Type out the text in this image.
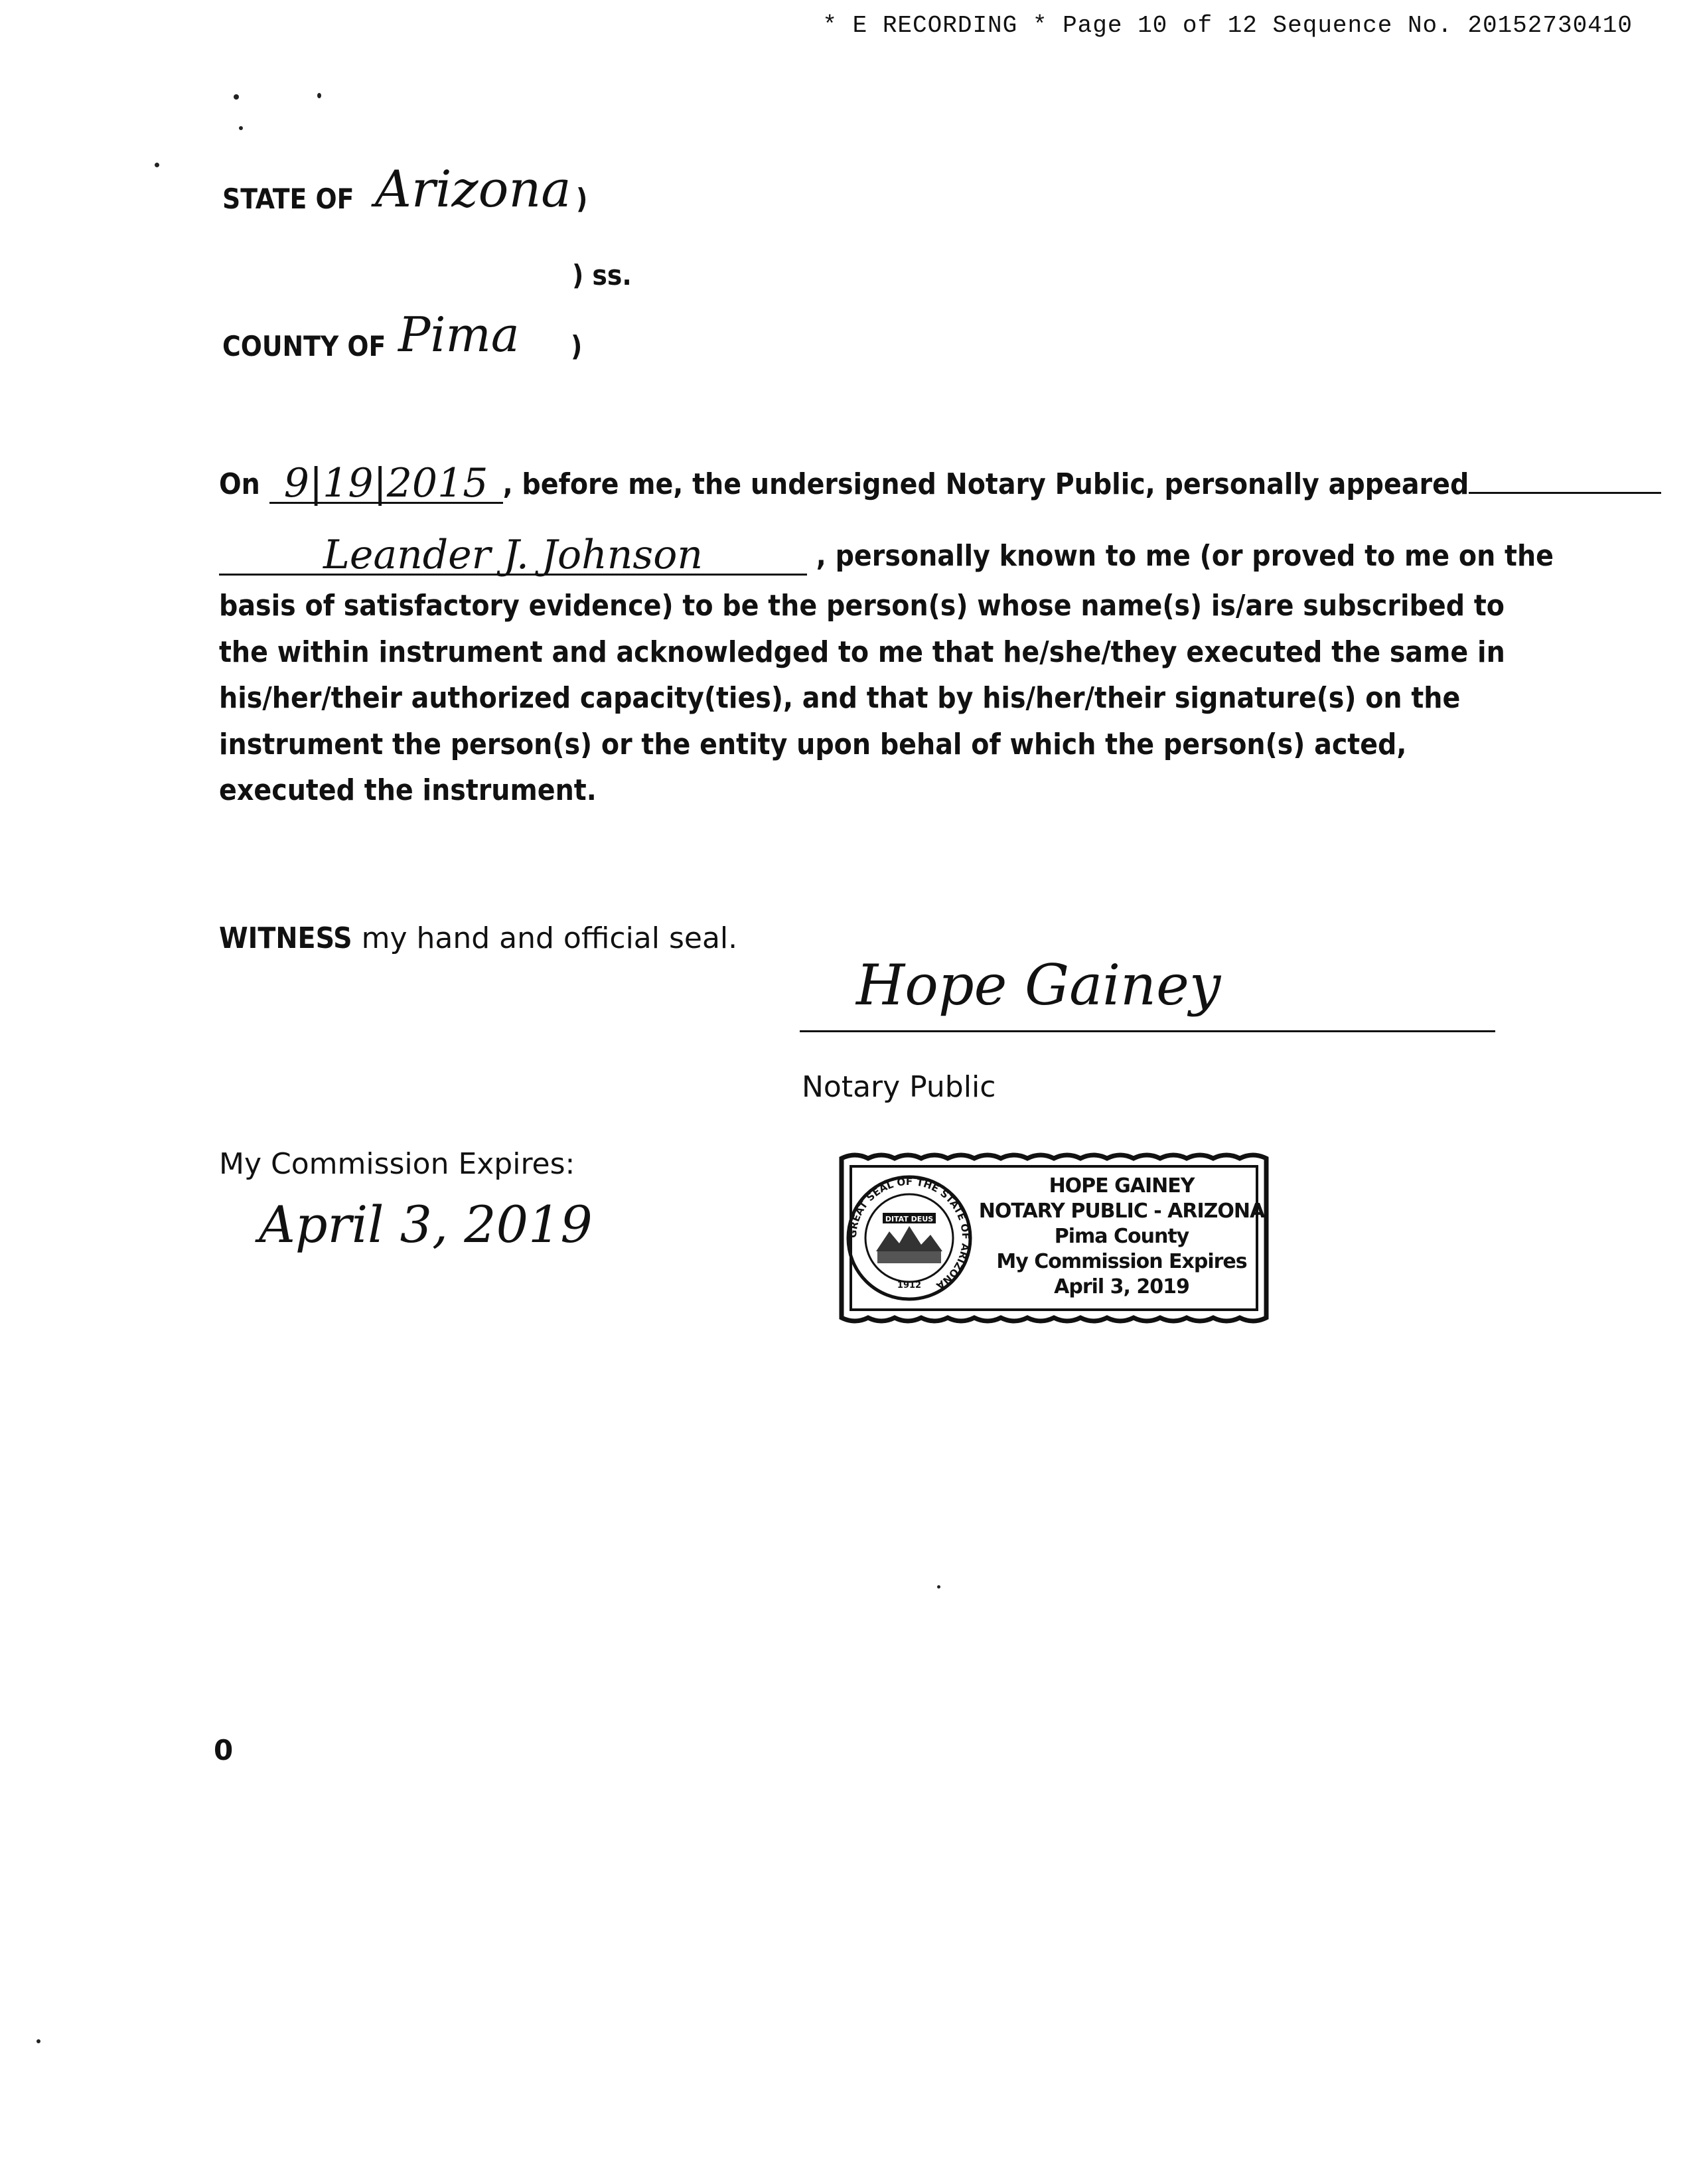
* E RECORDING * Page 10 of 12 Sequence No. 20152730410
STATE OF Arizona )
) ss.
COUNTY OF Pima )
On 9|19|2015 , before me, the undersigned Notary Public, personally appeared
Leander J. Johnson	, personally known to me (or proved to me on the
basis of satisfactory evidence) to be the person(s) whose name(s) is/are subscribed to the within instrument and acknowledged to me that he/she/they executed the same in his/her/their authorized capacity(ties), and that by his/her/their signature(s) on the instrument the person(s) or the entity upon behal of which the person(s) acted, executed the instrument.
WITNESS my hand and official seal.
Hope Gainey
Notary Public
My Commission Expires:
April 3, 2019	GREAT SEAL OF THE STATE OF ARIZONA
DITAT DEUS
1912
HOPE GAINEY
NOTARY PUBLIC - ARIZONA
Pima County
My Commission Expires
April 3, 2019
0
